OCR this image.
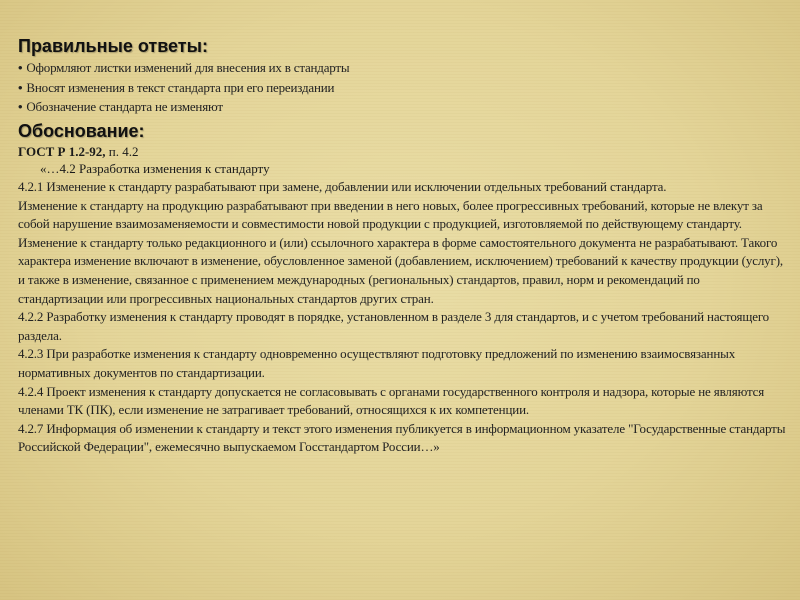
Правильные ответы:
• Оформляют листки изменений для внесения их в стандарты
• Вносят изменения в текст стандарта при его переиздании
• Обозначение стандарта не изменяют
Обоснование:
ГОСТ Р 1.2-92, п. 4.2
«…4.2 Разработка изменения к стандарту

4.2.1 Изменение к стандарту разрабатывают при замене, добавлении или исключении отдельных требований стандарта.

Изменение к стандарту на продукцию разрабатывают при введении в него новых, более прогрессивных требований, которые не влекут за собой нарушение взаимозаменяемости и совместимости новой продукции с продукцией, изготовляемой по действующему стандарту.

Изменение к стандарту только редакционного и (или) ссылочного характера в форме самостоятельного документа не разрабатывают. Такого характера изменение включают в изменение, обусловленное заменой (добавлением, исключением) требований к качеству продукции (услуг), и также в изменение, связанное с применением международных (региональных) стандартов, правил, норм и рекомендаций по стандартизации или прогрессивных национальных стандартов других стран.

4.2.2 Разработку изменения к стандарту проводят в порядке, установленном в разделе 3 для стандартов, и с учетом требований настоящего раздела.

4.2.3 При разработке изменения к стандарту одновременно осуществляют подготовку предложений по изменению взаимосвязанных нормативных документов по стандартизации.

4.2.4 Проект изменения к стандарту допускается не согласовывать с органами государственного контроля и надзора, которые не являются членами ТК (ПК), если изменение не затрагивает требований, относящихся к их компетенции.

4.2.7 Информация об изменении к стандарту и текст этого изменения публикуется в информационном указателе "Государственные стандарты Российской Федерации", ежемесячно выпускаемом Госстандартом России…»
